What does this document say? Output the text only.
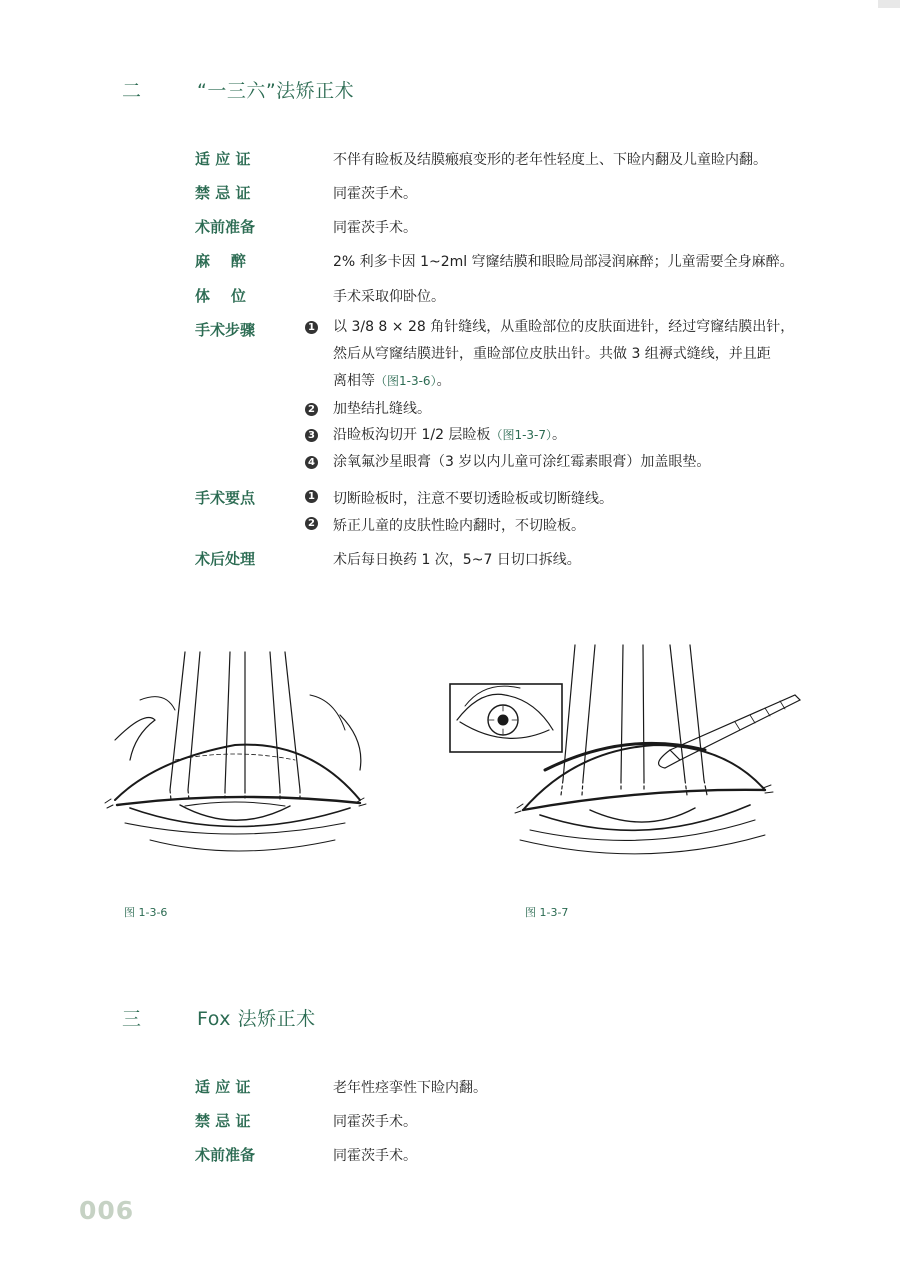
二	“一三六”法矫正术
适 应 证	不伴有睑板及结膜瘢痕变形的老年性轻度上、下睑内翻及儿童睑内翻。
禁 忌 证	同霍茨手术。
术前准备	同霍茨手术。
麻    醉	2% 利多卡因 1~2ml 穹窿结膜和眼睑局部浸润麻醉；儿童需要全身麻醉。
体    位	手术采取仰卧位。
手术步骤	1 以 3/8 8 × 28 角针缝线，从重睑部位的皮肤面进针，经过穹窿结膜出针，
然后从穹窿结膜进针，重睑部位皮肤出针。共做 3 组褥式缝线，并且距
离相等（图1-3-6）。
2 加垫结扎缝线。
3 沿睑板沟切开 1/2 层睑板（图1-3-7）。
4 涂氧氟沙星眼膏（3 岁以内儿童可涂红霉素眼膏）加盖眼垫。
手术要点	1 切断睑板时，注意不要切透睑板或切断缝线。
2 矫正儿童的皮肤性睑内翻时，不切睑板。
术后处理	术后每日换药 1 次，5~7 日切口拆线。
图 1-3-6	图 1-3-7
三	Fox 法矫正术
适 应 证	老年性痉挛性下睑内翻。
禁 忌 证	同霍茨手术。
术前准备	同霍茨手术。
006
